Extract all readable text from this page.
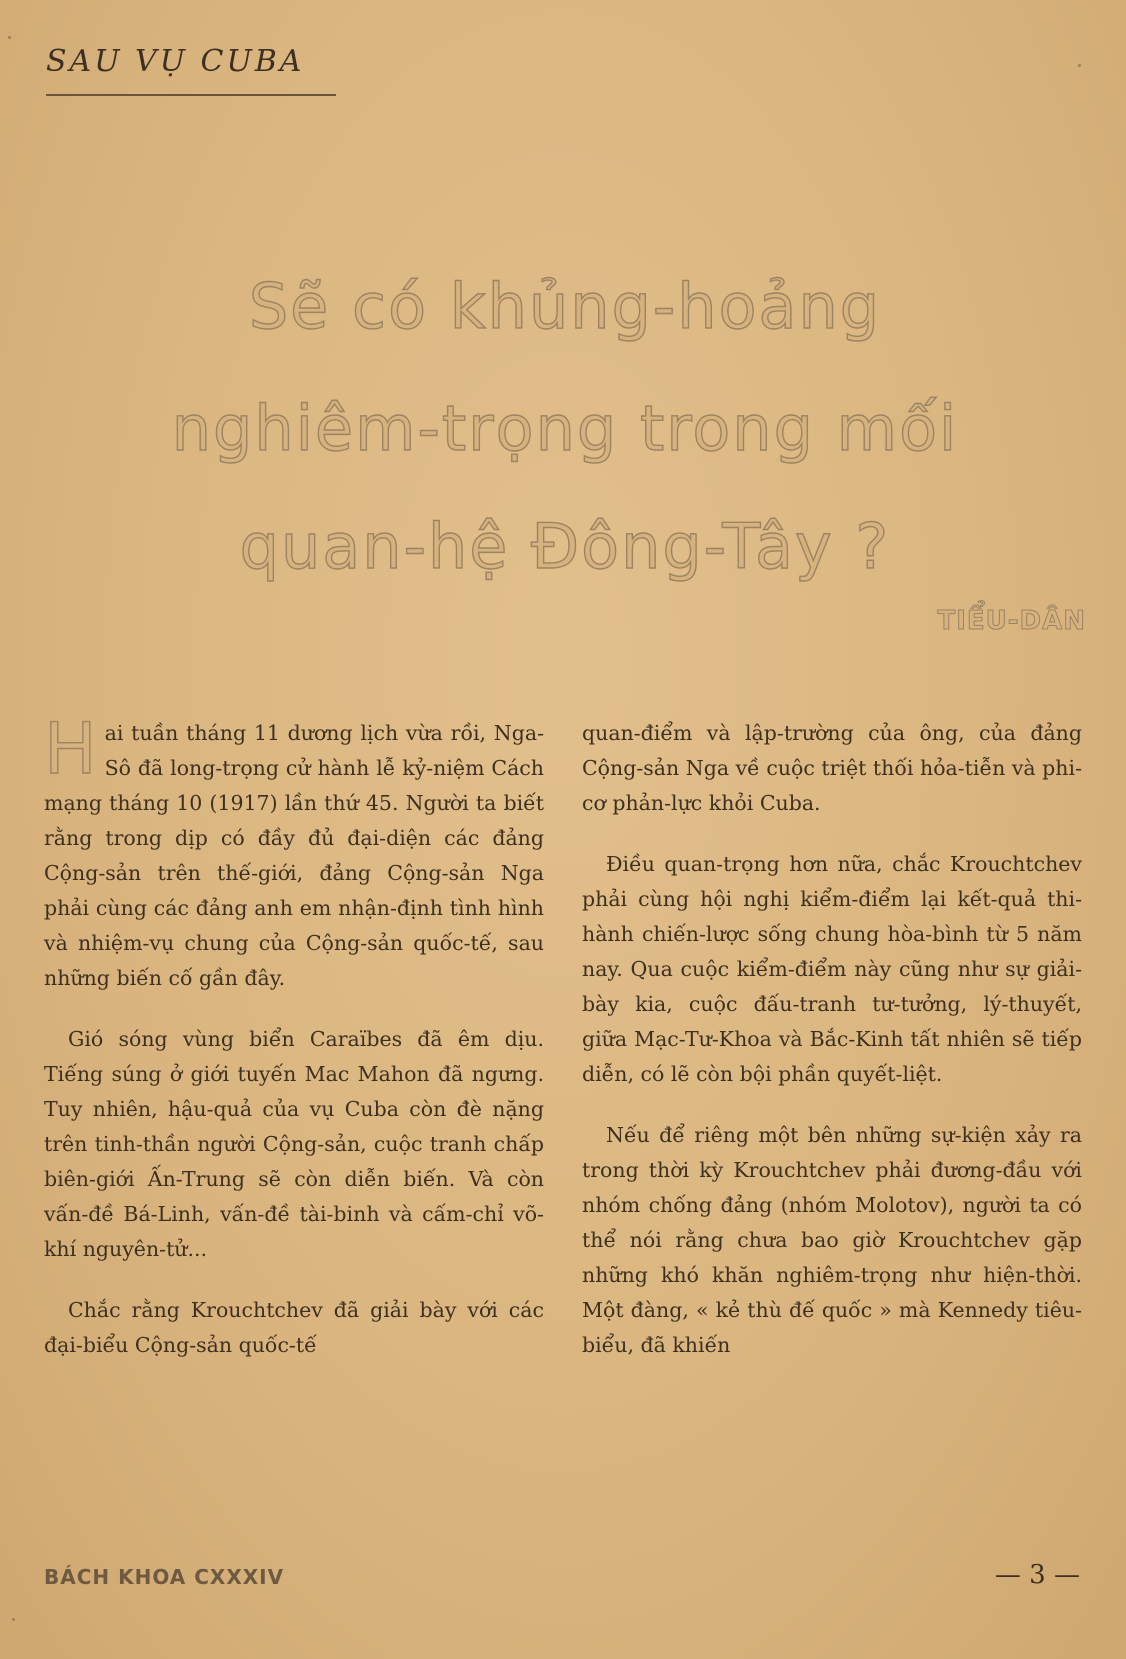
SAU VỤ CUBA
Sẽ có khủng-hoảng
nghiêm-trọng trong mối
quan-hệ Đông-Tây ?
TIỂU-DÂN

Hai tuần tháng 11 dương lịch vừa rồi, Nga-Sô đã long-trọng cử hành lễ kỷ-niệm Cách mạng tháng 10 (1917) lần thứ 45. Người ta biết rằng trong dịp có đầy đủ đại-diện các đảng Cộng-sản trên thế-giới, đảng Cộng-sản Nga phải cùng các đảng anh em nhận-định tình hình và nhiệm-vụ chung của Cộng-sản quốc-tế, sau những biến cố gần đây.

Gió sóng vùng biển Caraïbes đã êm dịu. Tiếng súng ở giới tuyến Mac Mahon đã ngưng. Tuy nhiên, hậu-quả của vụ Cuba còn đè nặng trên tinh-thần người Cộng-sản, cuộc tranh chấp biên-giới Ấn-Trung sẽ còn diễn biến. Và còn vấn-đề Bá-Linh, vấn-đề tài-binh và cấm-chỉ võ-khí nguyên-tử...

Chắc rằng Krouchtchev đã giải bày với các đại-biểu Cộng-sản quốc-tế

quan-điểm và lập-trường của ông, của đảng Cộng-sản Nga về cuộc triệt thối hỏa-tiễn và phi-cơ phản-lực khỏi Cuba.

Điều quan-trọng hơn nữa, chắc Krouchtchev phải cùng hội nghị kiểm-điểm lại kết-quả thi-hành chiến-lược sống chung hòa-bình từ 5 năm nay. Qua cuộc kiểm-điểm này cũng như sự giải-bày kia, cuộc đấu-tranh tư-tưởng, lý-thuyết, giữa Mạc-Tư-Khoa và Bắc-Kinh tất nhiên sẽ tiếp diễn, có lẽ còn bội phần quyết-liệt.

Nếu để riêng một bên những sự-kiện xảy ra trong thời kỳ Krouchtchev phải đương-đầu với nhóm chống đảng (nhóm Molotov), người ta có thể nói rằng chưa bao giờ Krouchtchev gặp những khó khăn nghiêm-trọng như hiện-thời. Một đàng, « kẻ thù đế quốc » mà Kennedy tiêu-biểu, đã khiến

BÁCH KHOA CXXXIV	— 3 —
